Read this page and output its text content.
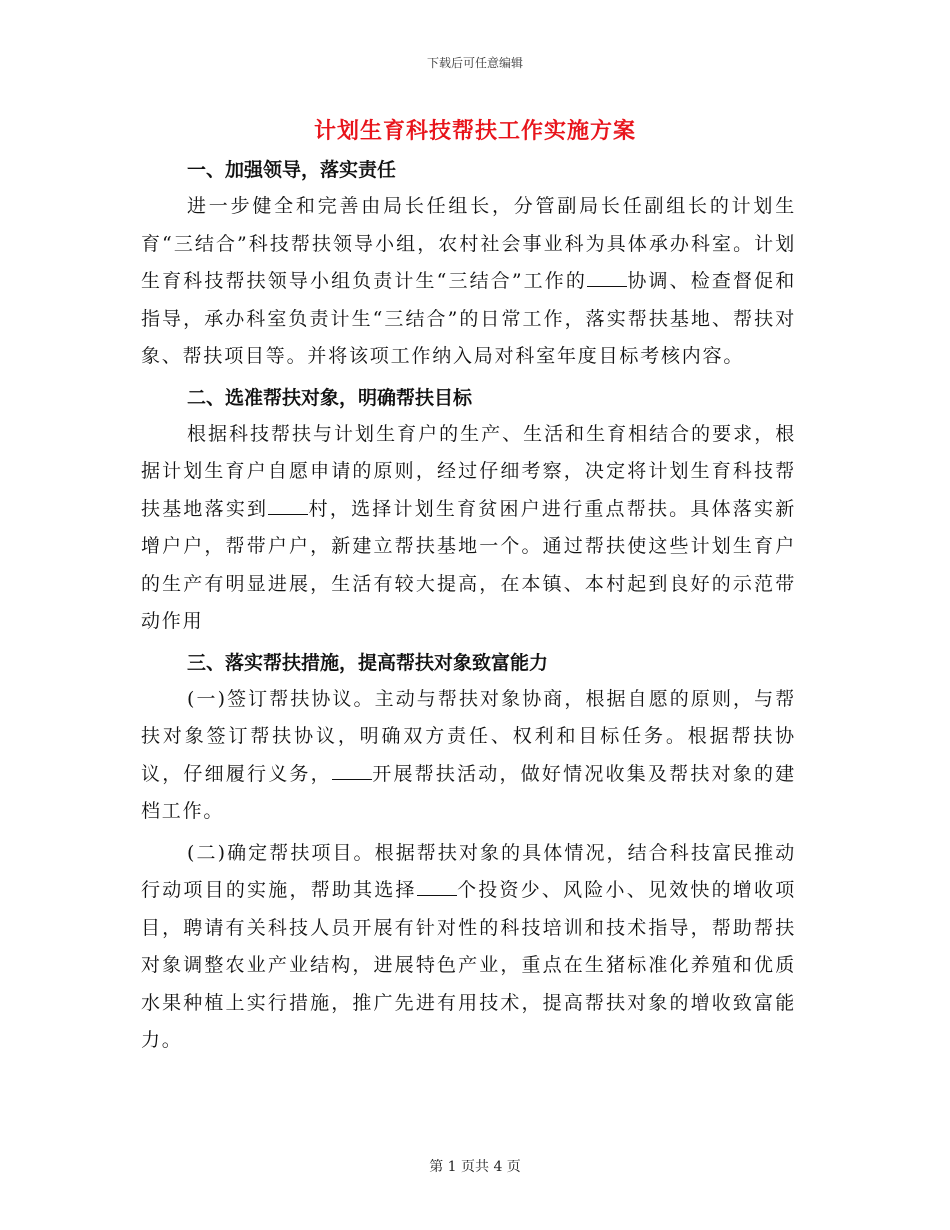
下载后可任意编辑
计划生育科技帮扶工作实施方案
一、加强领导，落实责任

进一步健全和完善由局长任组长，分管副局长任副组长的计划生育“三结合”科技帮扶领导小组，农村社会事业科为具体承办科室。计划生育科技帮扶领导小组负责计生“三结合”工作的 协调、检查督促和指导，承办科室负责计生“三结合”的日常工作，落实帮扶基地、帮扶对象、帮扶项目等。并将该项工作纳入局对科室年度目标考核内容。

二、选准帮扶对象，明确帮扶目标

根据科技帮扶与计划生育户的生产、生活和生育相结合的要求，根据计划生育户自愿申请的原则，经过仔细考察，决定将计划生育科技帮扶基地落实到 村，选择计划生育贫困户进行重点帮扶。具体落实新增户户，帮带户户，新建立帮扶基地一个。通过帮扶使这些计划生育户的生产有明显进展，生活有较大提高，在本镇、本村起到良好的示范带动作用

三、落实帮扶措施，提高帮扶对象致富能力

(一)签订帮扶协议。主动与帮扶对象协商，根据自愿的原则，与帮扶对象签订帮扶协议，明确双方责任、权利和目标任务。根据帮扶协议，仔细履行义务， 开展帮扶活动，做好情况收集及帮扶对象的建档工作。

(二)确定帮扶项目。根据帮扶对象的具体情况，结合科技富民推动行动项目的实施，帮助其选择 个投资少、风险小、见效快的增收项目，聘请有关科技人员开展有针对性的科技培训和技术指导，帮助帮扶对象调整农业产业结构，进展特色产业，重点在生猪标准化养殖和优质水果种植上实行措施，推广先进有用技术，提高帮扶对象的增收致富能力。

第 1 页共 4 页
